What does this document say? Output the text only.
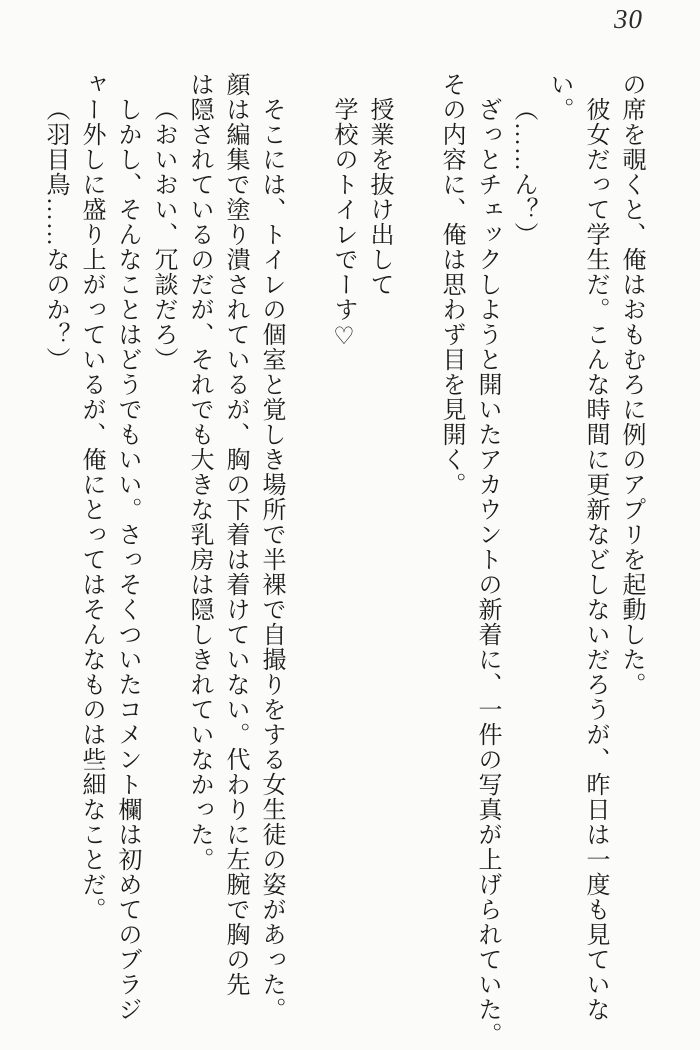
30
の席を覗くと、俺はおもむろに例のアプリを起動した。
彼女だって学生だ。こんな時間に更新などしないだろうが、昨日は一度も見ていな
い。
（……ん？）
ざっとチェックしようと開いたアカウントの新着に、一件の写真が上げられていた。
その内容に、俺は思わず目を見開く。
授業を抜け出して
学校のトイレでーす♡
そこには、トイレの個室と覚しき場所で半裸で自撮りをする女生徒の姿があった。
顔は編集で塗り潰されているが、胸の下着は着けていない。代わりに左腕で胸の先
は隠されているのだが、それでも大きな乳房は隠しきれていなかった。
（おいおい、冗談だろ）
しかし、そんなことはどうでもいい。さっそくついたコメント欄は初めてのブラジ
ャー外しに盛り上がっているが、俺にとってはそんなものは些細なことだ。
（羽目鳥……なのか？）
